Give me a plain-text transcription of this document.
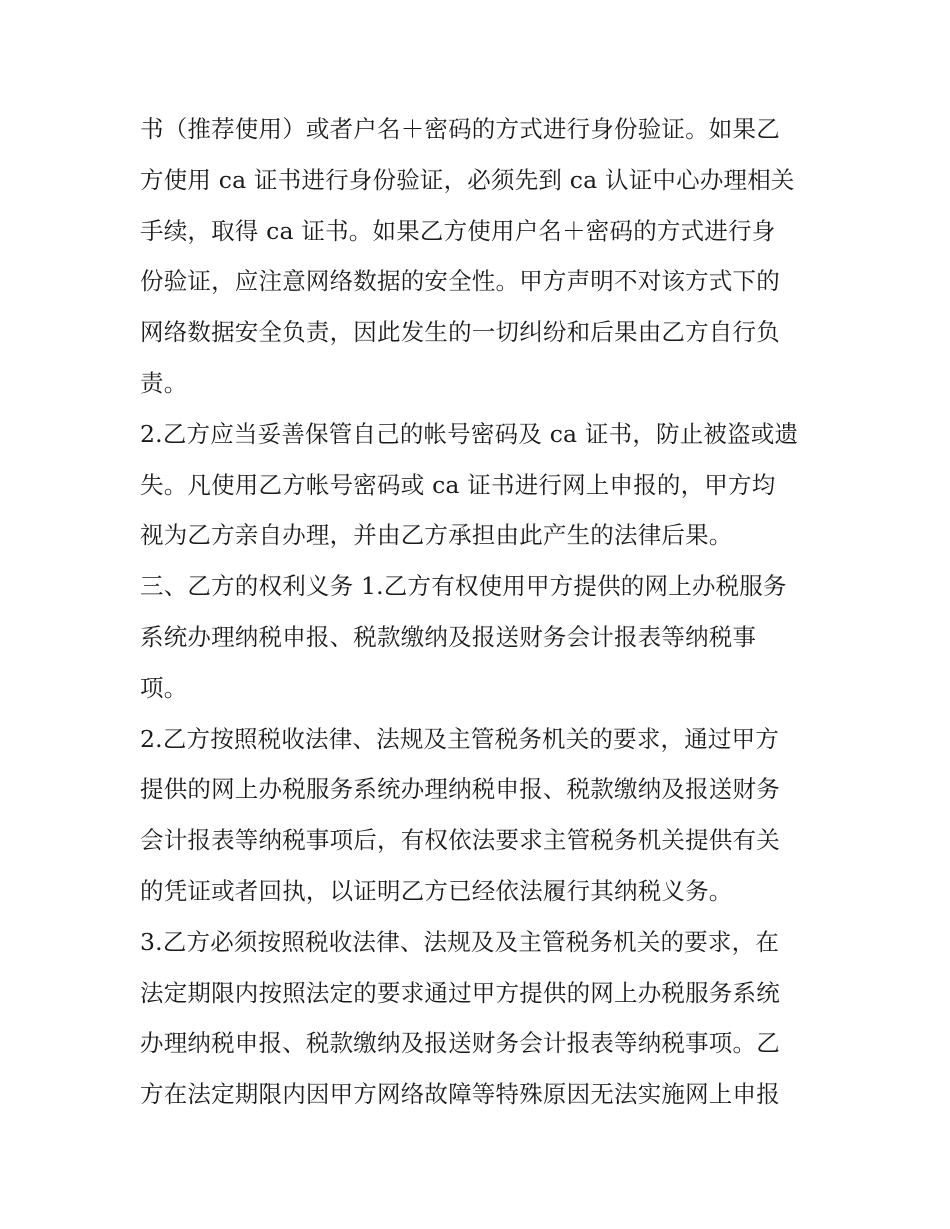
书（推荐使用）或者户名＋密码的方式进行身份验证。如果乙
方使用 ca 证书进行身份验证，必须先到 ca 认证中心办理相关
手续，取得 ca 证书。如果乙方使用户名＋密码的方式进行身
份验证，应注意网络数据的安全性。甲方声明不对该方式下的
网络数据安全负责，因此发生的一切纠纷和后果由乙方自行负
责。
2.乙方应当妥善保管自己的帐号密码及 ca 证书，防止被盗或遗
失。凡使用乙方帐号密码或 ca 证书进行网上申报的，甲方均
视为乙方亲自办理，并由乙方承担由此产生的法律后果。
三、乙方的权利义务 1.乙方有权使用甲方提供的网上办税服务
系统办理纳税申报、税款缴纳及报送财务会计报表等纳税事
项。
2.乙方按照税收法律、法规及主管税务机关的要求，通过甲方
提供的网上办税服务系统办理纳税申报、税款缴纳及报送财务
会计报表等纳税事项后，有权依法要求主管税务机关提供有关
的凭证或者回执，以证明乙方已经依法履行其纳税义务。
3.乙方必须按照税收法律、法规及及主管税务机关的要求，在
法定期限内按照法定的要求通过甲方提供的网上办税服务系统
办理纳税申报、税款缴纳及报送财务会计报表等纳税事项。乙
方在法定期限内因甲方网络故障等特殊原因无法实施网上申报
